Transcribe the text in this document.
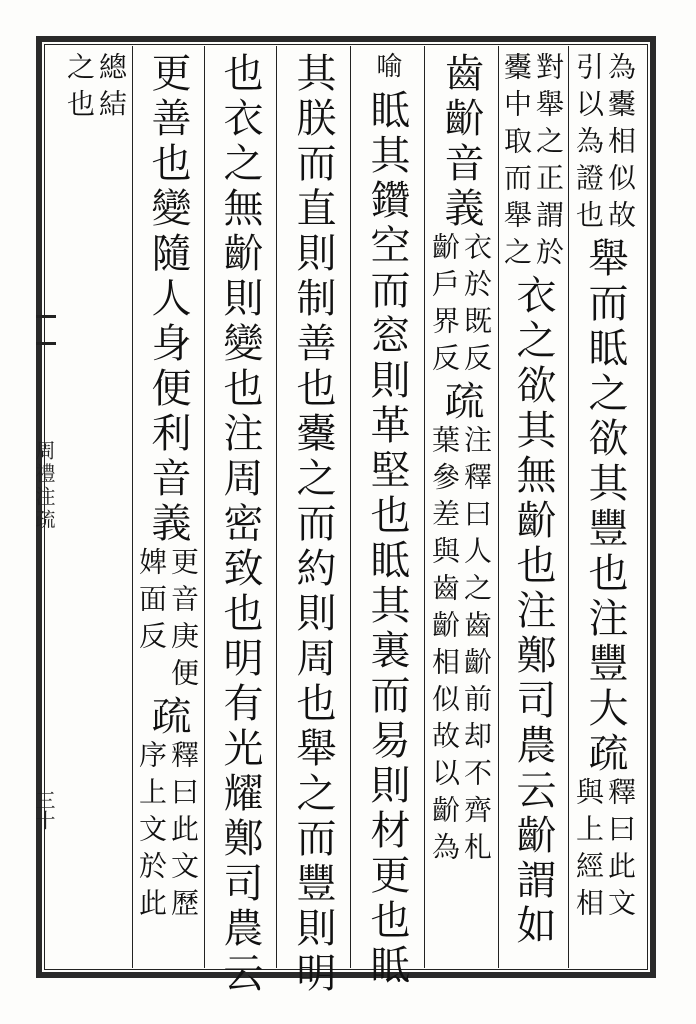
周禮注疏
三十
為櫜相似故
引以為證也
舉而眡之欲其豐也注
豐大疏
釋曰此文
與上經相
對舉之正謂於
櫜中取而舉之
衣之欲其無齘也注鄭司農云齘謂如
齒齘音義
衣於既反
齘戶界反
疏
注釋曰人之齒齘前却不齊札
葉參差與齒齘相似故以齘為
喻
眡其鑽空而窓則革堅也眡其裏而易則材更也眡
其朕而直則制善也櫜之而約則周也舉之而豐則明
也衣之無齘則變也注周密致也明有光耀鄭司農云
更善也變隨人身便利音義
更音庚便
婢面反
疏
釋曰此文歷
序上文於此
總結
之也
